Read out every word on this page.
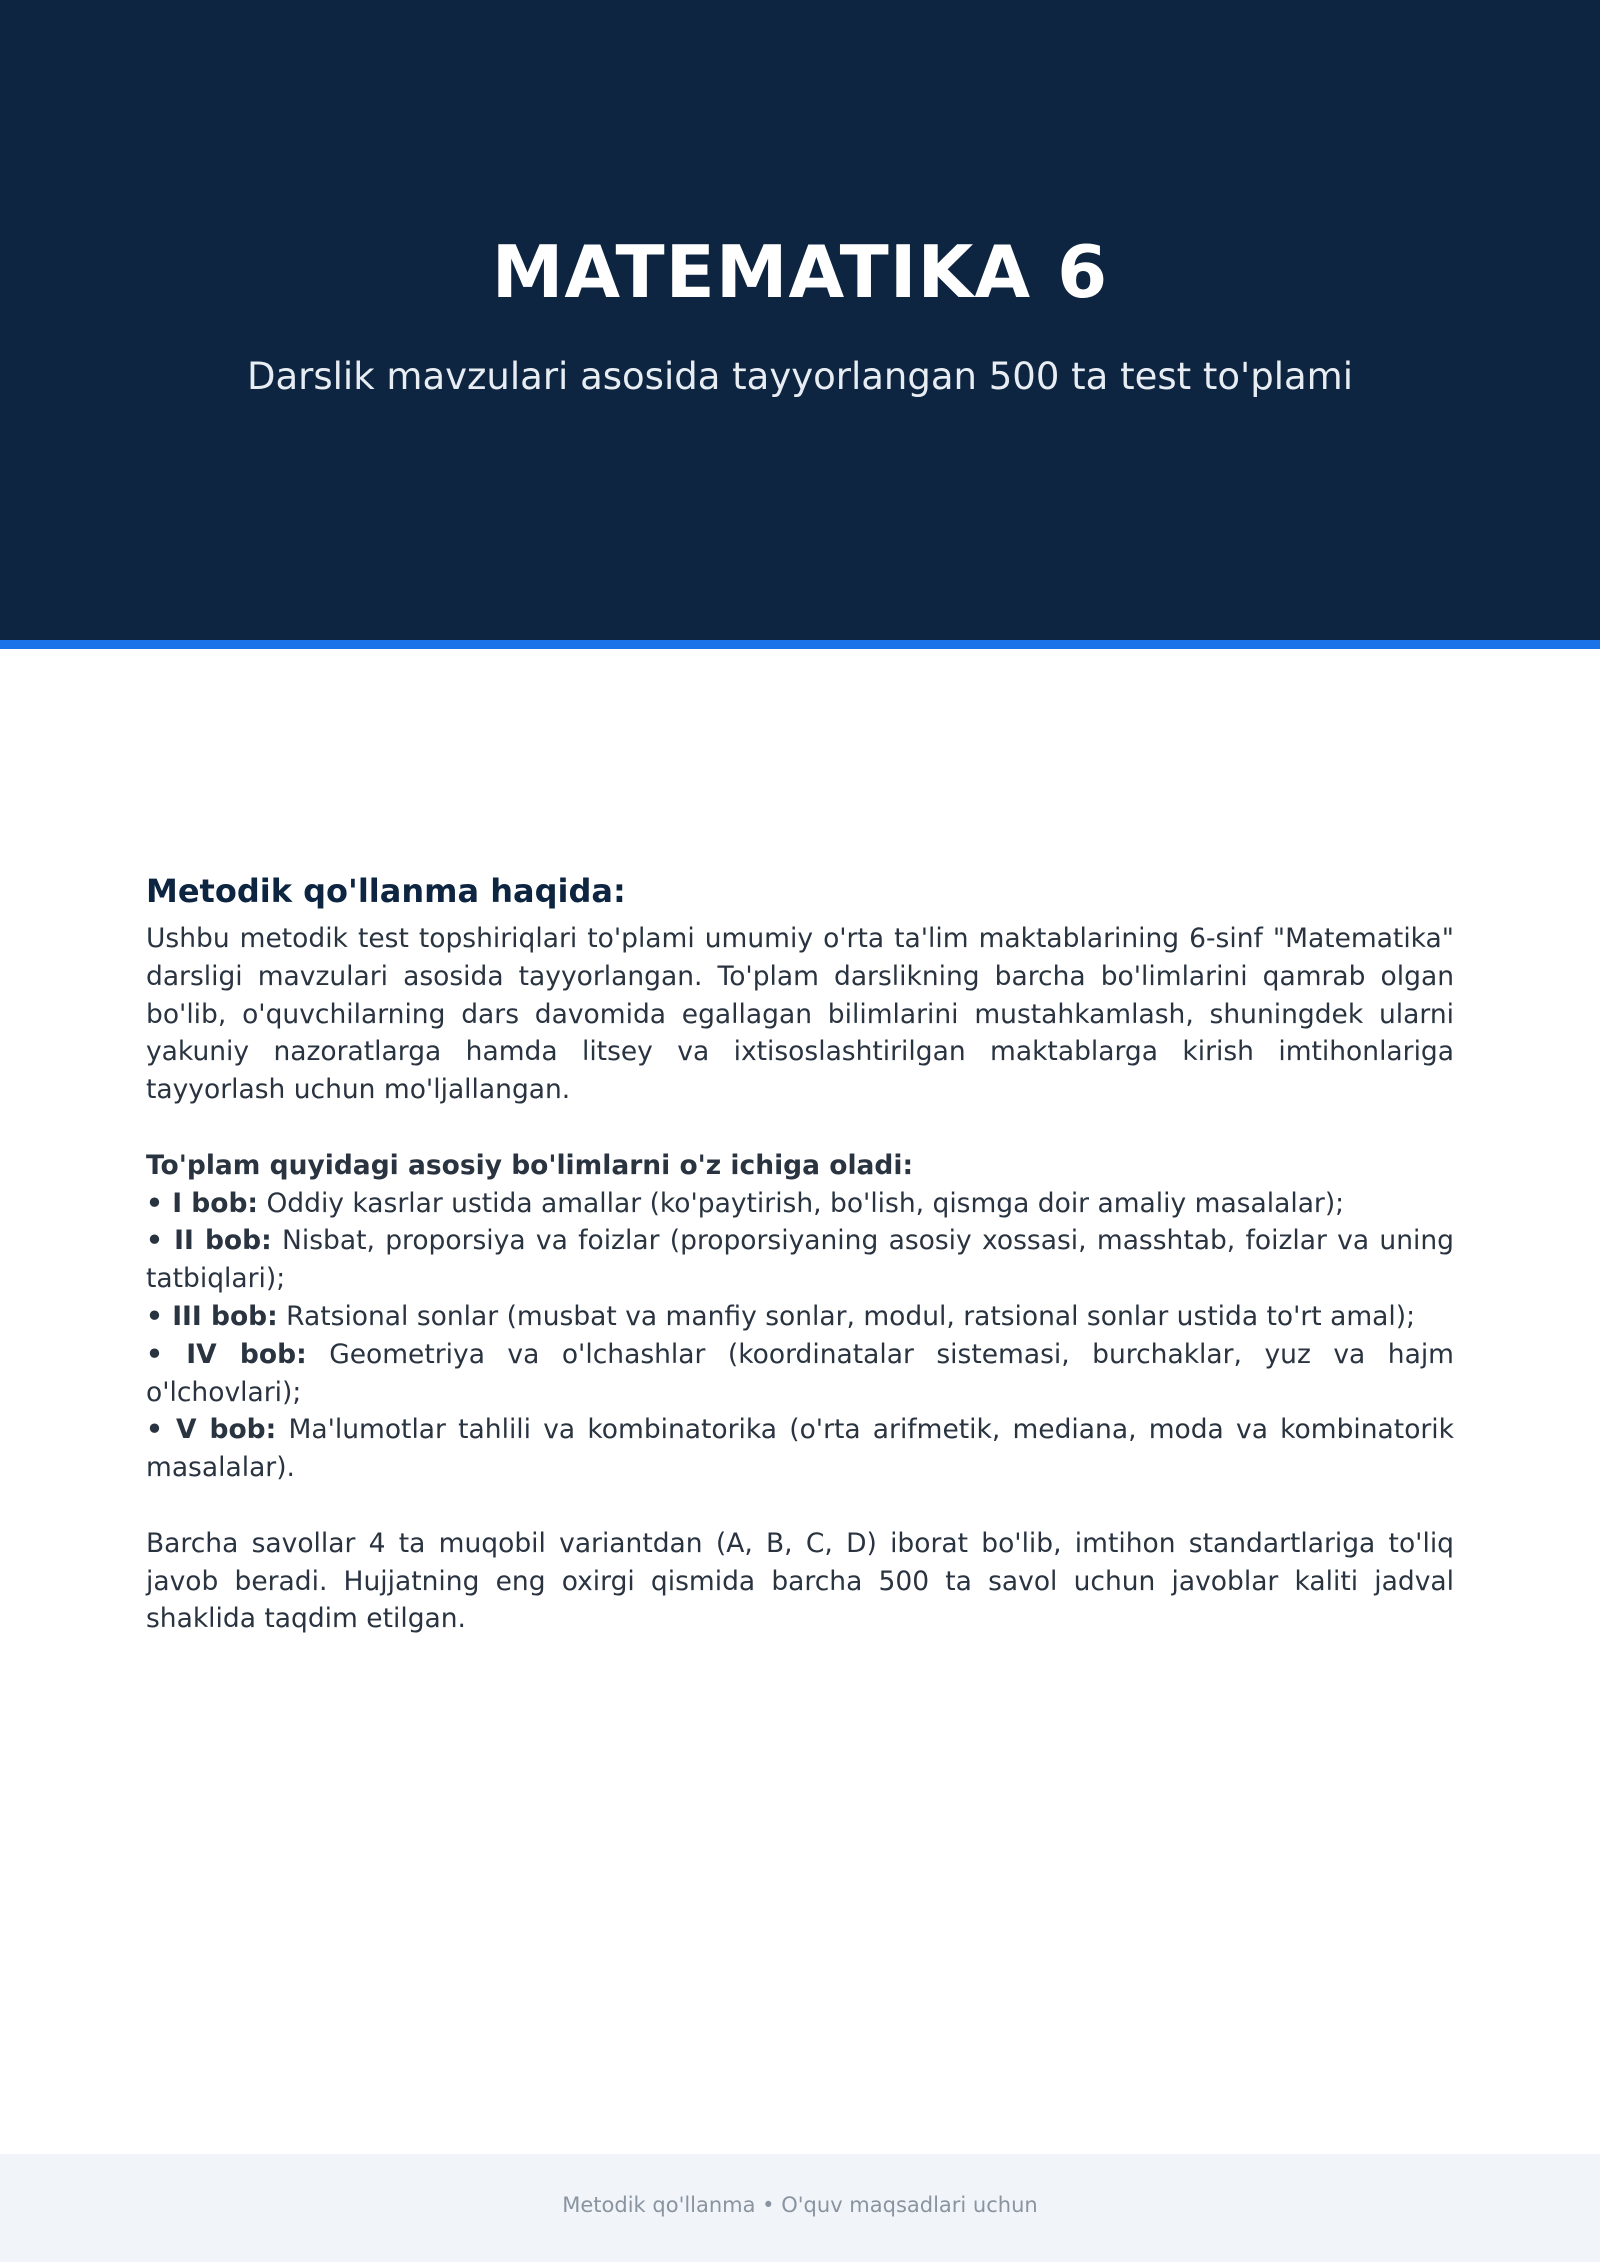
MATEMATIKA 6
Darslik mavzulari asosida tayyorlangan 500 ta test to'plami
Metodik qo'llanma haqida:

Ushbu metodik test topshiriqlari to'plami umumiy o'rta ta'lim maktablarining 6-sinf "Matematika" darsligi mavzulari asosida tayyorlangan. To'plam darslikning barcha bo'limlarini qamrab olgan bo'lib, o'quvchilarning dars davomida egallagan bilimlarini mustahkamlash, shuningdek ularni yakuniy nazoratlarga hamda litsey va ixtisoslashtirilgan maktablarga kirish imtihonlariga tayyorlash uchun mo'ljallangan.

To'plam quyidagi asosiy bo'limlarni o'z ichiga oladi:
• I bob: Oddiy kasrlar ustida amallar (ko'paytirish, bo'lish, qismga doir amaliy masalalar);
• II bob: Nisbat, proporsiya va foizlar (proporsiyaning asosiy xossasi, masshtab, foizlar va uning tatbiqlari);
• III bob: Ratsional sonlar (musbat va manfiy sonlar, modul, ratsional sonlar ustida to'rt amal);
• IV bob: Geometriya va o'lchashlar (koordinatalar sistemasi, burchaklar, yuz va hajm o'lchovlari);
• V bob: Ma'lumotlar tahlili va kombinatorika (o'rta arifmetik, mediana, moda va kombinatorik masalalar).

Barcha savollar 4 ta muqobil variantdan (A, B, C, D) iborat bo'lib, imtihon standartlariga to'liq javob beradi. Hujjatning eng oxirgi qismida barcha 500 ta savol uchun javoblar kaliti jadval shaklida taqdim etilgan.

Metodik qo'llanma • O'quv maqsadlari uchun
